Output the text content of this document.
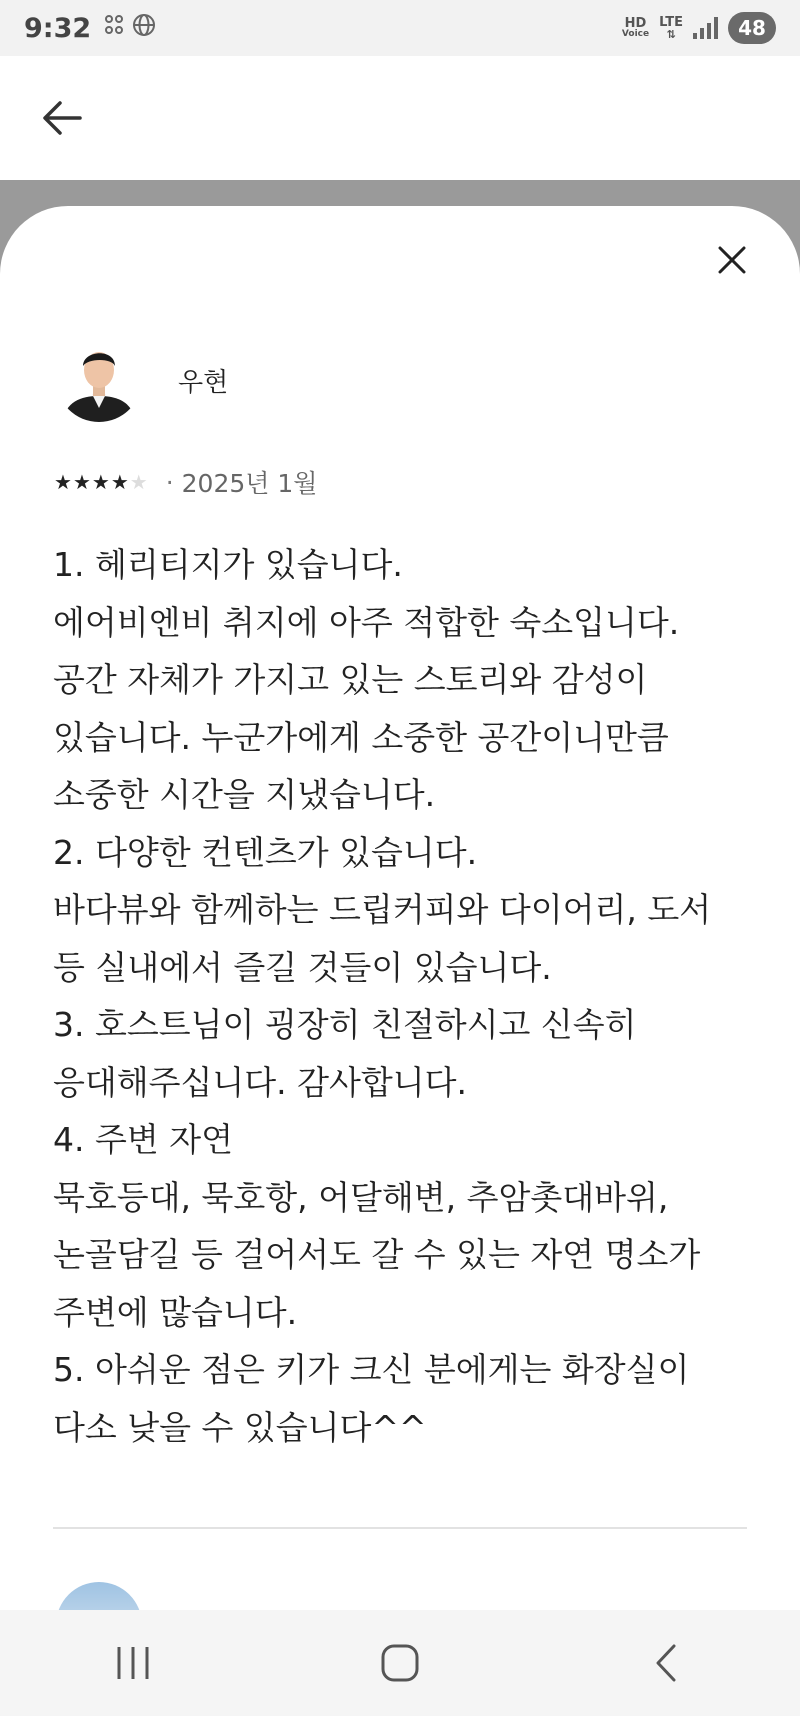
9:32
	HD
Voice
LTE
⇅	48
우현
★ ★ ★ ★ ★ · 2025년 1월
1. 헤리티지가 있습니다.
에어비엔비 취지에 아주 적합한 숙소입니다.
공간 자체가 가지고 있는 스토리와 감성이
있습니다. 누군가에게 소중한 공간이니만큼
소중한 시간을 지냈습니다.
2. 다양한 컨텐츠가 있습니다.
바다뷰와 함께하는 드립커피와 다이어리, 도서
등 실내에서 즐길 것들이 있습니다.
3. 호스트님이 굉장히 친절하시고 신속히
응대해주십니다. 감사합니다.
4. 주변 자연
묵호등대, 묵호항, 어달해변, 추암촛대바위,
논골담길 등 걸어서도 갈 수 있는 자연 명소가
주변에 많습니다.
5. 아쉬운 점은 키가 크신 분에게는 화장실이
다소 낮을 수 있습니다^^
